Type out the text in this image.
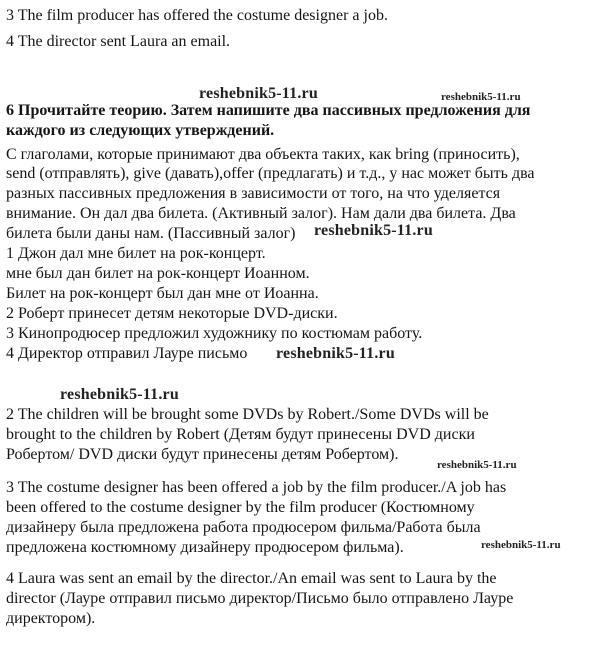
3 The film producer has offered the costume designer a job.
4 The director sent Laura an email.
6 Прочитайте теорию. Затем напишите два пассивных предложения для
каждого из следующих утверждений.
С глаголами, которые принимают два объекта таких, как bring (приносить),
send (отправлять), give (давать),offer (предлагать) и т.д., у нас может быть два
разных пассивных предложения в зависимости от того, на что уделяется
внимание. Он дал два билета. (Активный залог). Нам дали два билета. Два
билета были даны нам. (Пассивный залог)
1 Джон дал мне билет на рок-концерт.
мне был дан билет на рок-концерт Иоанном.
Билет на рок-концерт был дан мне от Иоанна.
2 Роберт принесет детям некоторые DVD-диски.
3 Кинопродюсер предложил художнику по костюмам работу.
4 Директор отправил Лауре письмо
2 The children will be brought some DVDs by Robert./Some DVDs will be
brought to the children by Robert (Детям будут принесены DVD диски
Робертом/ DVD диски будут принесены детям Робертом).
3 The costume designer has been offered a job by the film producer./A job has
been offered to the costume designer by the film producer (Костюмному
дизайнеру была предложена работа продюсером фильма/Работа была
предложена костюмному дизайнеру продюсером фильма).
4 Laura was sent an email by the director./An email was sent to Laura by the
director (Лауре отправил письмо директор/Письмо было отправлено Лауре
директором).
reshebnik5-11.ru	reshebnik5-11.ru
reshebnik5-11.ru
reshebnik5-11.ru
reshebnik5-11.ru
reshebnik5-11.ru
reshebnik5-11.ru
